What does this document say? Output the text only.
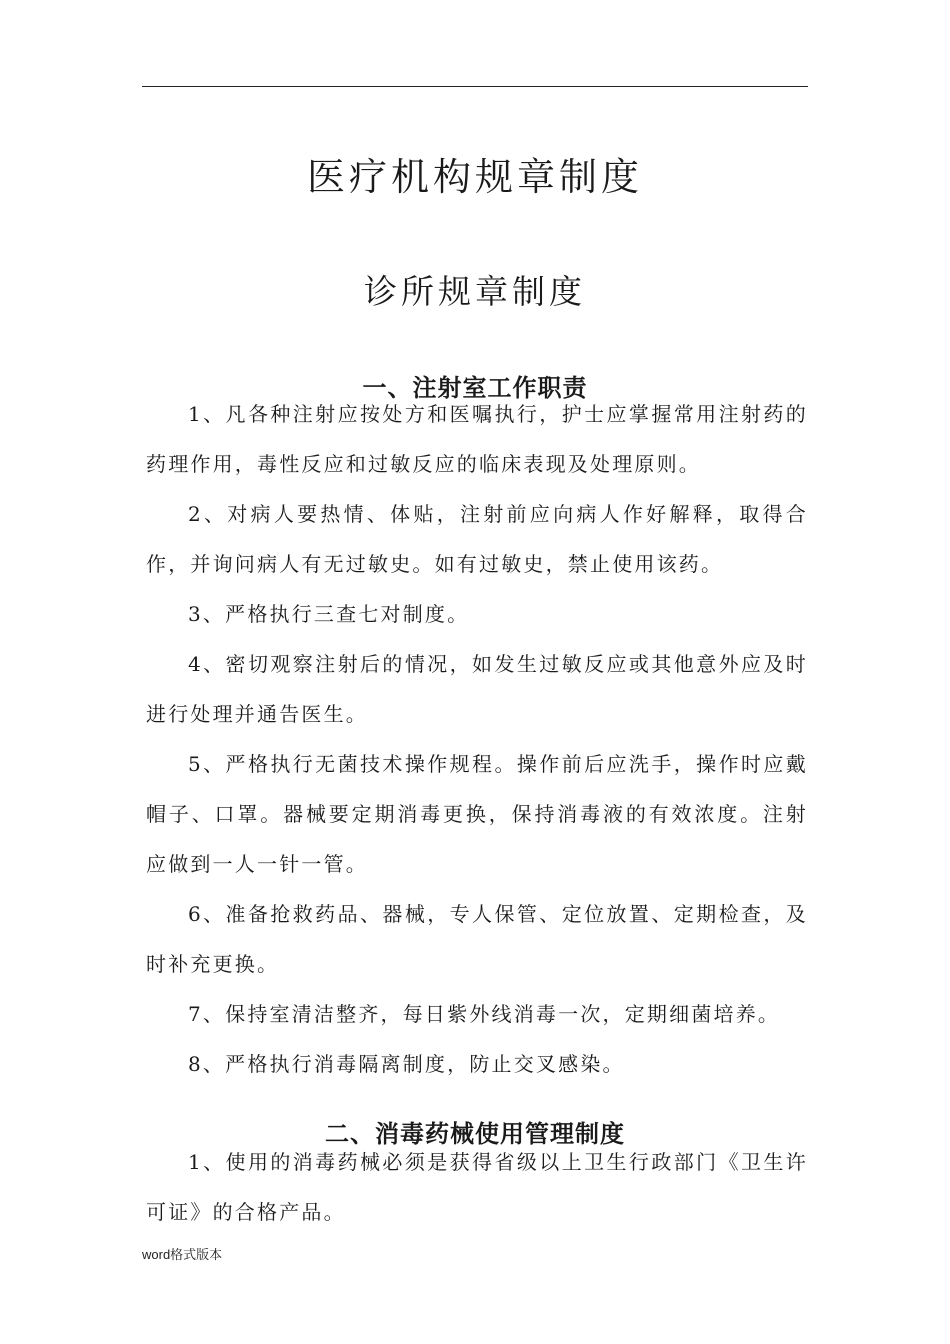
医疗机构规章制度
诊所规章制度
一、注射室工作职责

1、凡各种注射应按处方和医嘱执行，护士应掌握常用注射药的药理作用，毒性反应和过敏反应的临床表现及处理原则。

2、对病人要热情、体贴，注射前应向病人作好解释，取得合作，并询问病人有无过敏史。如有过敏史，禁止使用该药。

3、严格执行三查七对制度。

4、密切观察注射后的情况，如发生过敏反应或其他意外应及时进行处理并通告医生。

5、严格执行无菌技术操作规程。操作前后应洗手，操作时应戴帽子、口罩。器械要定期消毒更换，保持消毒液的有效浓度。注射应做到一人一针一管。

6、准备抢救药品、器械，专人保管、定位放置、定期检查，及时补充更换。

7、保持室清洁整齐，每日紫外线消毒一次，定期细菌培养。

8、严格执行消毒隔离制度，防止交叉感染。

二、消毒药械使用管理制度

1、使用的消毒药械必须是获得省级以上卫生行政部门《卫生许可证》的合格产品。

word格式版本
